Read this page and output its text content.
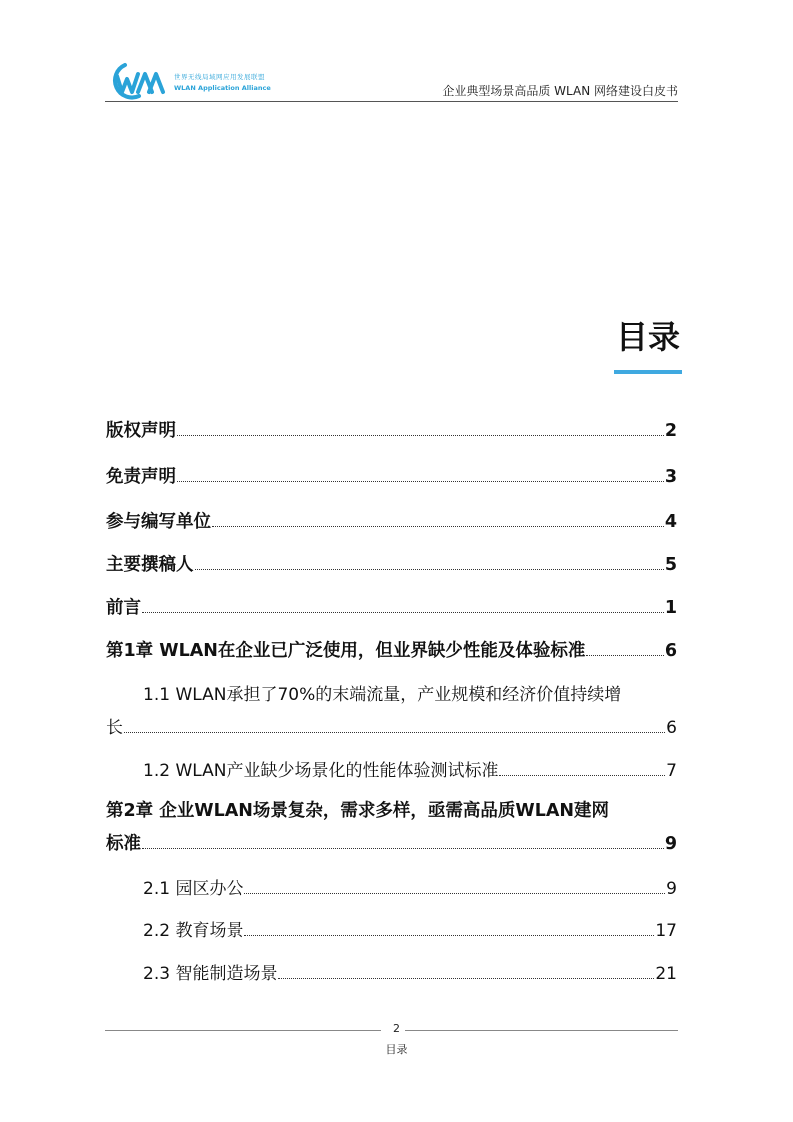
世界无线局域网应用发展联盟
WLAN Application Alliance	企业典型场景高品质 WLAN 网络建设白皮书
目录
版权声明	2
免责声明	3
参与编写单位	4
主要撰稿人	5
前言	1
第1章 WLAN在企业已广泛使用，但业界缺少性能及体验标准	6
1.1 WLAN承担了70%的末端流量，产业规模和经济价值持续增
长	6
1.2 WLAN产业缺少场景化的性能体验测试标准	7
第2章 企业WLAN场景复杂，需求多样，亟需高品质WLAN建网
标准	9
2.1 园区办公	9
2.2 教育场景	17
2.3 智能制造场景	21
2
目录
